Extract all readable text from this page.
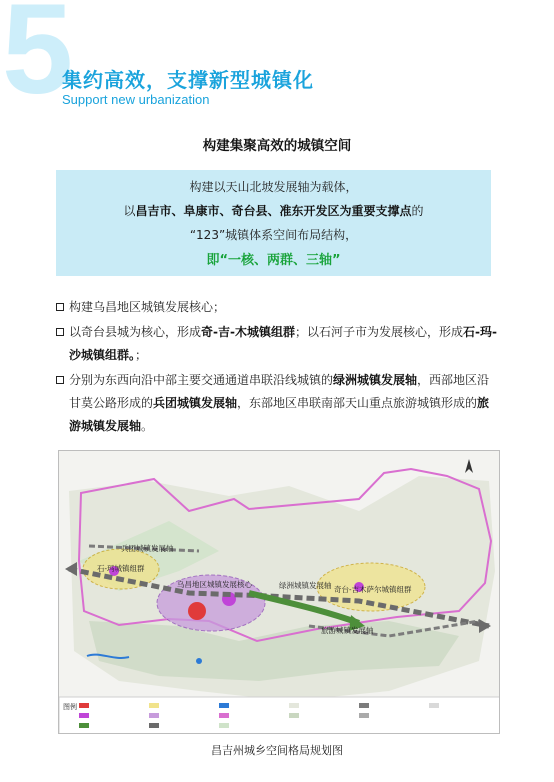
5
集约高效，支撑新型城镇化
Support new urbanization
构建集聚高效的城镇空间
构建以天山北坡发展轴为载体，
以昌吉市、阜康市、奇台县、准东开发区为重要支撑点的
“123”城镇体系空间布局结构，
即“一核、两群、三轴”
构建乌昌地区城镇发展核心；
以奇台县城为核心，形成奇-吉-木城镇组群；以石河子市为发展核心，形成石-玛-沙城镇组群。；
分别为东西向沿中部主要交通通道串联沿线城镇的绿洲城镇发展轴，西部地区沿甘莫公路形成的兵团城镇发展轴，东部地区串联南部天山重点旅游城镇形成的旅游城镇发展轴。
兵团城镇发展轴
石-玛城镇组群
乌昌地区城镇发展核心	绿洲城镇发展轴 奇台-吉木萨尔城镇组群
旅游城镇发展轴
图例
昌吉州城乡空间格局规划图
